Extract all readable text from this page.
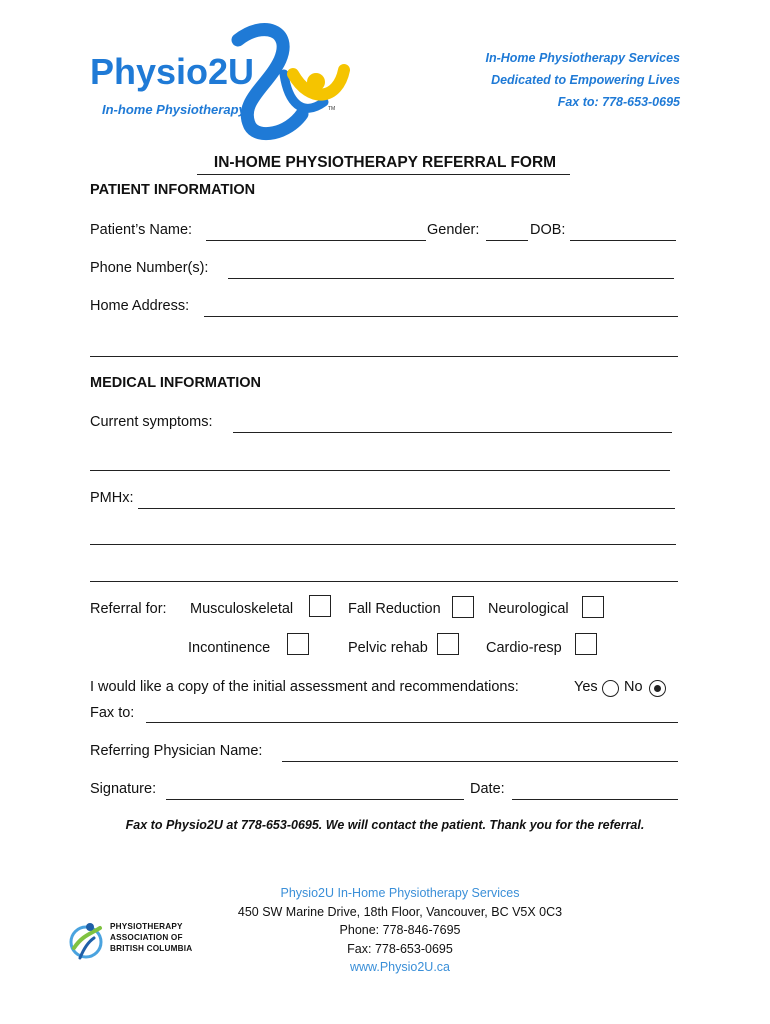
Physio2U
In-home Physiotherapy	TM
In-Home Physiotherapy Services
Dedicated to Empowering Lives
Fax to: 778-653-0695
IN-HOME PHYSIOTHERAPY REFERRAL FORM
PATIENT INFORMATION
Patient’s Name:	Gender:	DOB:
Phone Number(s):
Home Address:
MEDICAL INFORMATION
Current symptoms:
PMHx:
Referral for: Musculoskeletal	Fall Reduction	Neurological
Incontinence	Pelvic rehab	Cardio-resp
I would like a copy of the initial assessment and recommendations:	Yes No
Fax to:
Referring Physician Name:
Signature:	Date:
Fax to Physio2U at 778-653-0695. We will contact the patient. Thank you for the referral.
PHYSIOTHERAPY
ASSOCIATION OF
BRITISH COLUMBIA
Physio2U In-Home Physiotherapy Services
450 SW Marine Drive, 18th Floor, Vancouver, BC V5X 0C3
Phone: 778-846-7695
Fax: 778-653-0695
www.Physio2U.ca
